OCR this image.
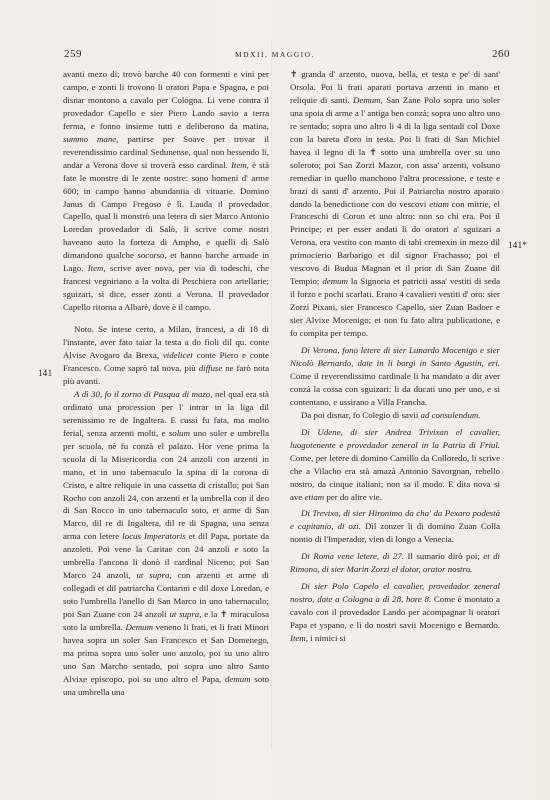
259	MDXII, MAGGIO.	260
141
141*

avanti mezo di; trovò barche 40 con formenti e vini per campo, e zonti li trovono li oratori Papa e Spagna, e poi disnar montono a cavalo per Cologna. Li vene contra il provedador Capello e sier Piero Lando savio a terra ferma, e fonno insieme tutti e deliberono da matina, summo mane, partirse per Soave per trovar il reverendissimo cardinal Sedunense, qual non hessendo lì, andar a Verona dove si troverà esso cardinal. Item, è stà fate le monstre di le zente nostre: sono homeni d' arme 600; in campo hanno abundantia di vituarie. Domino Janus di Campo Fregoso è lì. Lauda il provedador Capello, qual li monstrò una letera di sier Marco Antonio Loredan provedador di Salò, li scrive come nostri haveano auto la forteza di Ampho, e quelli di Salò dimandono qualche socorso, et hanno barche armade in Lago. Item, scrive aver nova, per via di todeschi, che francesi vegniriano a la volta di Peschiera con artellarie; sguizari, si dice, esser zonti a Verona. Il provedador Capello ritorna a Albarè, dove è il campo.

Noto. Se intese certo, a Milan, francesi, a di 18 di l'instante, aver fato taiar la testa a do fioli dil qu. conte Alvise Avogaro da Brexa, videlicet conte Piero e conte Francesco. Come saprò tal nova, più diffuse ne farò nota più avanti.

A dì 30, fo il zorno di Pasqua di mazo, nel qual era stà ordinato una procession per l' intrar in la liga dil serenissimo re de Ingaltera. E cussì fu fata, ma molto ferial, senza arzenti molti, e solum uno soler e umbrella per scuola, nè fu conzà el palazo. Hor vene prima la scuola di la Misericordia con 24 anzoli con arzenti in mano, et in uno tabernaculo la spina di la corona di Cristo, e altre reliquie in una cassetta di cristallo; poi San Rocho con anzoli 24, con arzenti et la umbrella con il deo di San Rocco in uno tabernaculo soto, et arme di San Marco, dil re di Ingaltera, dil re di Spagna, una senza arma con letere locus Imperatoris et dil Papa, portate da anzoleti. Poi vene la Caritae con 24 anzoli e soto la umbrella l'ancona li donò il cardinal Niceno; poi San Marco 24 anzoli, ut supra, con arzenti et arme di collegadi et dil patriarcha Contarini e dil doxe Loredan, e soto l'umbrella l'anello di San Marco in uno tabernaculo; poi San Zuane con 24 anzoli ut supra, e la ✝ miraculosa soto la umbrella. Demum veneno li frati, et li frati Minori havea sopra un soler San Francesco et San Domenego, ma prima sopra uno soler uno anzolo, poi su uno altro uno San Marcho sentado, poi sopra uno altro Santo Alvixe episcopo, poi su uno altro el Papa, demum soto una umbrella una

✝ granda d' arzento, nuova, bella, et testa e pe' di sant' Orsola. Poi li frati aparati portava arzenti in mano et reliquie di santi. Demum, San Zane Polo sopra uno soler una spoia di arme a l' antiga ben conzà; sopra uno altro uno re sentado; sopra uno altro li 4 di la liga sentadi col Doxe con la bareta d'oro in testa. Poi li frati di San Michiel havea il legno di la ✝ sotto una umbrella over su uno soleroto; poi San Zorzi Mazor, con assa' arzenti, volsuno remediar in quello manchono l'altra processione, e teste e brazi di santi d' arzento. Poi il Patriarcha nostro aparato dando la benedictione con do vescovi etiam con mitrie, el Franceschi di Coron et uno altro: non so chi era. Poi il Principe; et per esser andati lì do oratori a' sguizari a Verona, era vestito con manto di tabì cremexin in mezo dil primocierio Barbarigo et dil signor Frachasso; poi el vescovo di Budua Magnan et il prior di San Zuane dil Tempio; demum la Signoria et patricii assa' vestiti di seda il forzo e pochi scarlati. Erano 4 cavalieri vestiti d' oro: sier Zorzi Pixani, sier Francesco Capello, sier Zuan Badoer e sier Alvixe Mocenigo; et non fu fato altra publicatione, e fo compita per tempo.

Di Verona, fono letere di sier Lunardo Mocenigo e sier Nicolò Bernardo, date in li borgi in Santo Agustin, eri. Come il reverendissimo cardinale li ha mandato a dir aver conzà la cossa con sguizari: li da ducati uno per uno, e si contentano, e ussirano a Villa Francha.

Da poi disnar, fo Colegio di savii ad consulendum.

Di Udene, di sier Andrea Trivixan el cavalier, luogotenente e provedador zeneral in la Patria di Friul. Come, per letere di domino Camillo da Colloredo, li scrive che a Vilacho era stà amazà Antonio Savorgnan, rebello nostro, da cinque italiani; non sa il modo. E dita nova si ave etiam per do altre vie.

Di Trevixo, di sier Hironimo da cha' da Pexaro podestà e capitanio, di ozi. Dil zonzer li di domino Zuan Colla nontio di l'Imperador, vien di longo a Venecia.

Di Roma vene letere, di 27. Il sumario dirò poi; et di Rimono, di sier Marin Zorzi el dotor, orator nostro.

Di sier Polo Capelo el cavalier, provedador zeneral nostro, date a Cologna a dì 28, hore 8. Come è montato a cavalo con il provedador Lando per acompagnar li oratori Papa et yspano, e li do nostri savii Mocenigo e Bernardo. Item, i nimici si
